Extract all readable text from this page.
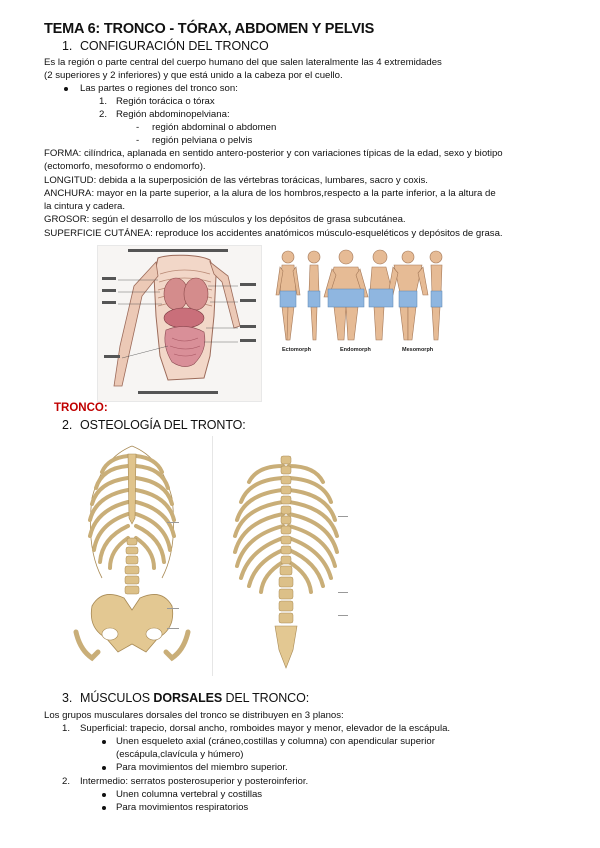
TEMA 6: TRONCO - TÓRAX, ABDOMEN Y PELVIS
1. CONFIGURACIÓN DEL TRONCO
Es la región o parte central del cuerpo humano del que salen lateralmente las 4 extremidades
(2 superiores y 2 inferiores) y que está unido a la cabeza por el cuello.
Las partes o regiones del tronco son:
1. Región torácica o tórax
2. Región abdominopelviana:
- región abdominal o abdomen
- región pelviana o pelvis
FORMA: cilíndrica, aplanada en sentido antero-posterior y con variaciones típicas de la edad, sexo y biotipo
(ectomorfo, mesoformo o endomorfo).
LONGITUD: debida a la superposición de las vértebras torácicas, lumbares, sacro y coxis.
ANCHURA: mayor en la parte superior, a la alura de los hombros,respecto a la parte inferior, a la altura de
la cintura y cadera.
GROSOR: según el desarrollo de los músculos y los depósitos de grasa subcutánea.
SUPERFICIE CUTÁNEA: reproduce los accidentes anatómicos músculo-esqueléticos y depósitos de grasa.
Ectomorph	Endomorph	Mesomorph
TRONCO:
2. OSTEOLOGÍA DEL TRONTO:
3. MÚSCULOS DORSALES DEL TRONCO:
Los grupos musculares dorsales del tronco se distribuyen en 3 planos:
1. Superficial: trapecio, dorsal ancho, romboides mayor y menor, elevador de la escápula.
Unen esqueleto axial (cráneo,costillas y columna) con apendicular superior
(escápula,clavícula y húmero)
Para movimientos del miembro superior.
2. Intermedio: serratos posterosuperior y posteroinferior.
Unen columna vertebral y costillas
Para movimientos respiratorios
